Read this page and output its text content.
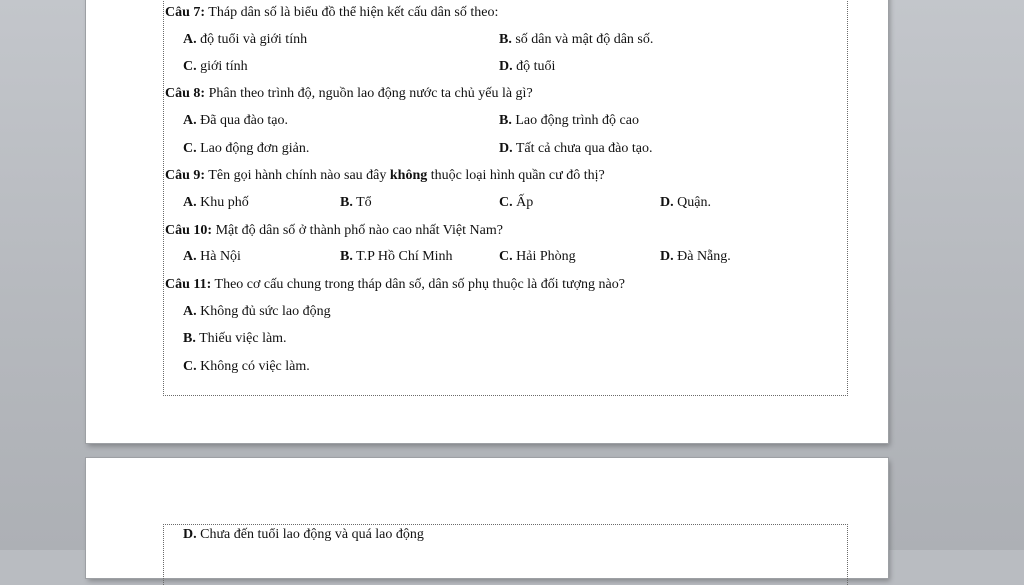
Câu 7: Tháp dân số là biểu đồ thể hiện kết cấu dân số theo:
A. độ tuổi và giới tính	B. số dân và mật độ dân số.
C. giới tính	D. độ tuổi
Câu 8: Phân theo trình độ, nguồn lao động nước ta chủ yếu là gì?
A. Đã qua đào tạo.	B. Lao động trình độ cao
C. Lao động đơn giản.	D. Tất cả chưa qua đào tạo.
Câu 9: Tên gọi hành chính nào sau đây không thuộc loại hình quần cư đô thị?
A. Khu phố	B. Tổ	C. Ấp	D. Quận.
Câu 10: Mật độ dân số ở thành phố nào cao nhất Việt Nam?
A. Hà Nội	B. T.P Hồ Chí Minh	C. Hải Phòng	D. Đà Nẵng.
Câu 11: Theo cơ cấu chung trong tháp dân số, dân số phụ thuộc là đối tượng nào?
A. Không đủ sức lao động
B. Thiếu việc làm.
C. Không có việc làm.
D. Chưa đến tuổi lao động và quá lao động
